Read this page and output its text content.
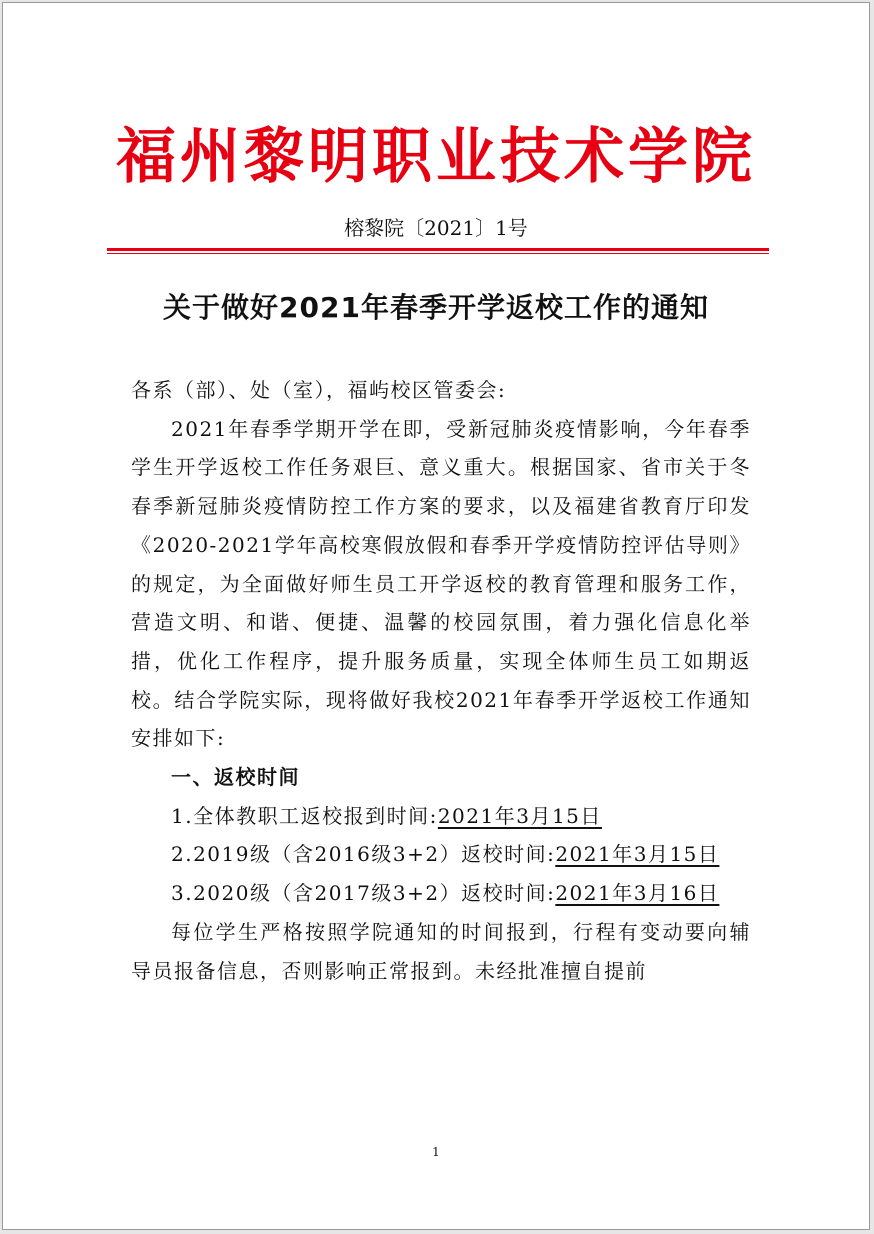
福州黎明职业技术学院
榕黎院〔2021〕1号
关于做好2021年春季开学返校工作的通知

各系（部）、处（室），福屿校区管委会:

2021年春季学期开学在即，受新冠肺炎疫情影响，今年春季学生开学返校工作任务艰巨、意义重大。根据国家、省市关于冬春季新冠肺炎疫情防控工作方案的要求，以及福建省教育厅印发《2020-2021学年高校寒假放假和春季开学疫情防控评估导则》的规定，为全面做好师生员工开学返校的教育管理和服务工作，营造文明、和谐、便捷、温馨的校园氛围，着力强化信息化举措，优化工作程序，提升服务质量，实现全体师生员工如期返校。结合学院实际，现将做好我校2021年春季开学返校工作通知安排如下:

一、返校时间

1.全体教职工返校报到时间:2021年3月15日

2.2019级（含2016级3+2）返校时间:2021年3月15日

3.2020级（含2017级3+2）返校时间:2021年3月16日

每位学生严格按照学院通知的时间报到，行程有变动要向辅导员报备信息，否则影响正常报到。未经批准擅自提前

1
